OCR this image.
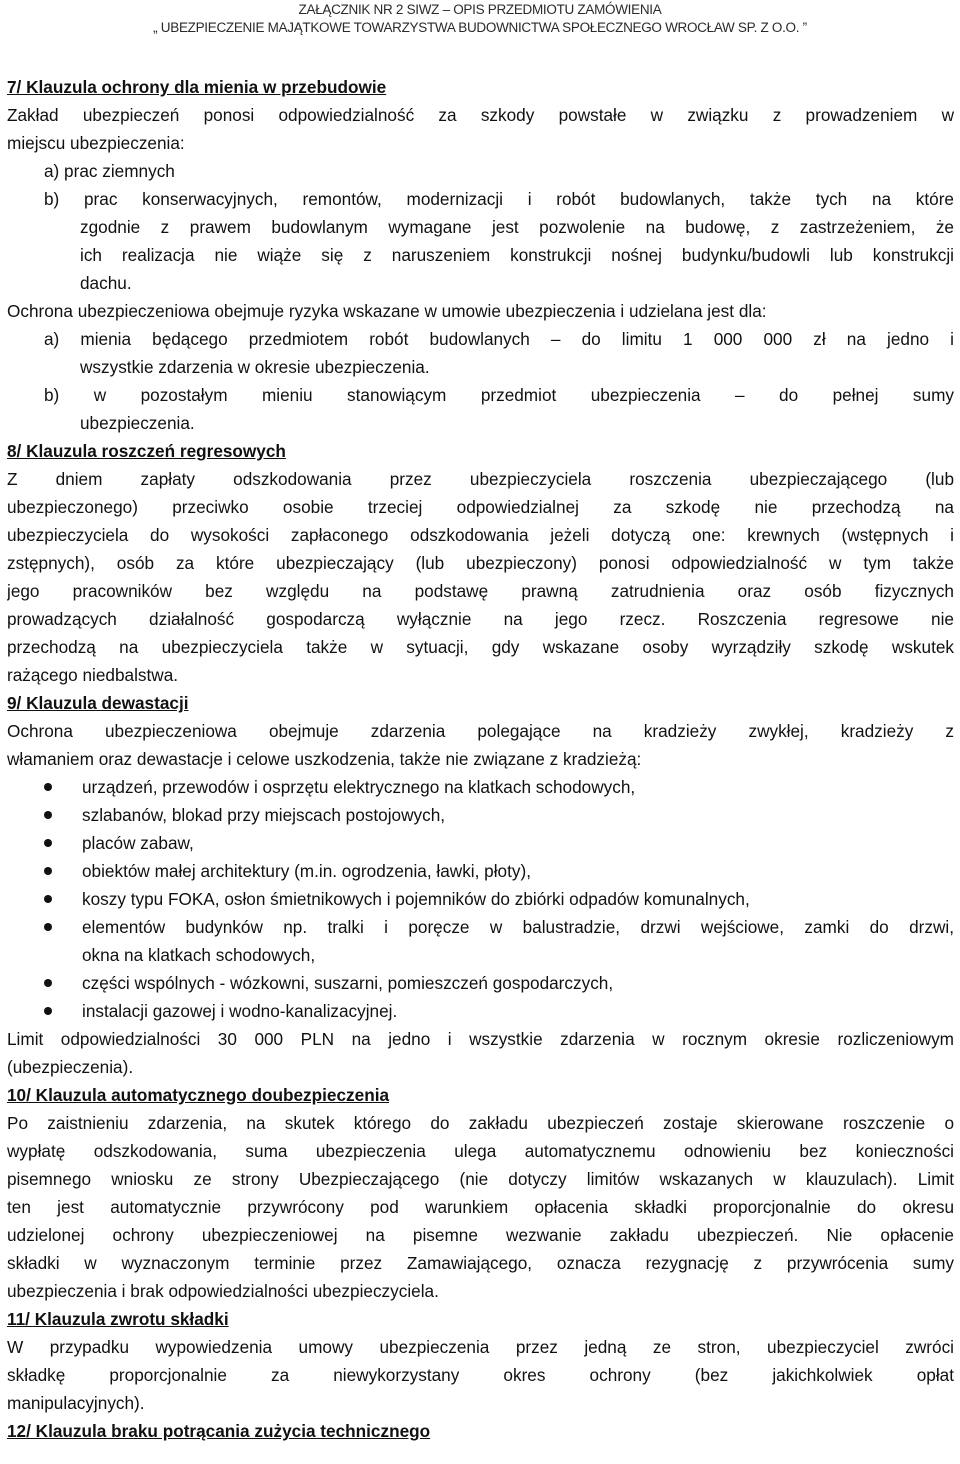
ZAŁĄCZNIK NR 2 SIWZ – OPIS PRZEDMIOTU ZAMÓWIENIA
„ UBEZPIECZENIE MAJĄTKOWE TOWARZYSTWA BUDOWNICTWA SPOŁECZNEGO WROCŁAW SP. Z O.O. ”
7/ Klauzula ochrony dla mienia w przebudowie
Zakład ubezpieczeń ponosi odpowiedzialność za szkody powstałe w związku z prowadzeniem w
miejscu ubezpieczenia:
a) prac ziemnych
b) prac konserwacyjnych, remontów, modernizacji i robót budowlanych, także tych na które
zgodnie z prawem budowlanym wymagane jest pozwolenie na budowę, z zastrzeżeniem, że
ich realizacja nie wiąże się z naruszeniem konstrukcji nośnej budynku/budowli lub konstrukcji
dachu.
Ochrona ubezpieczeniowa obejmuje ryzyka wskazane w umowie ubezpieczenia i udzielana jest dla:
a) mienia będącego przedmiotem robót budowlanych – do limitu 1 000 000 zł na jedno i
wszystkie zdarzenia w okresie ubezpieczenia.
b) w pozostałym mieniu stanowiącym przedmiot ubezpieczenia – do pełnej sumy
ubezpieczenia.
8/ Klauzula roszczeń regresowych
Z dniem zapłaty odszkodowania przez ubezpieczyciela roszczenia ubezpieczającego (lub
ubezpieczonego) przeciwko osobie trzeciej odpowiedzialnej za szkodę nie przechodzą na
ubezpieczyciela do wysokości zapłaconego odszkodowania jeżeli dotyczą one: krewnych (wstępnych i
zstępnych), osób za które ubezpieczający (lub ubezpieczony) ponosi odpowiedzialność w tym także
jego pracowników bez względu na podstawę prawną zatrudnienia oraz osób fizycznych
prowadzących działalność gospodarczą wyłącznie na jego rzecz. Roszczenia regresowe nie
przechodzą na ubezpieczyciela także w sytuacji, gdy wskazane osoby wyrządziły szkodę wskutek
rażącego niedbalstwa.
9/ Klauzula dewastacji
Ochrona ubezpieczeniowa obejmuje zdarzenia polegające na kradzieży zwykłej, kradzieży z
włamaniem oraz dewastacje i celowe uszkodzenia, także nie związane z kradzieżą:
urządzeń, przewodów i osprzętu elektrycznego na klatkach schodowych,
szlabanów, blokad przy miejscach postojowych,
placów zabaw,
obiektów małej architektury (m.in. ogrodzenia, ławki, płoty),
koszy typu FOKA, osłon śmietnikowych i pojemników do zbiórki odpadów komunalnych,
elementów budynków np. tralki i poręcze w balustradzie, drzwi wejściowe, zamki do drzwi,
okna na klatkach schodowych,
części wspólnych - wózkowni, suszarni, pomieszczeń gospodarczych,
instalacji gazowej i wodno-kanalizacyjnej.
Limit odpowiedzialności 30 000 PLN na jedno i wszystkie zdarzenia w rocznym okresie rozliczeniowym
(ubezpieczenia).
10/ Klauzula automatycznego doubezpieczenia
Po zaistnieniu zdarzenia, na skutek którego do zakładu ubezpieczeń zostaje skierowane roszczenie o
wypłatę odszkodowania, suma ubezpieczenia ulega automatycznemu odnowieniu bez konieczności
pisemnego wniosku ze strony Ubezpieczającego (nie dotyczy limitów wskazanych w klauzulach). Limit
ten jest automatycznie przywrócony pod warunkiem opłacenia składki proporcjonalnie do okresu
udzielonej ochrony ubezpieczeniowej na pisemne wezwanie zakładu ubezpieczeń. Nie opłacenie
składki w wyznaczonym terminie przez Zamawiającego, oznacza rezygnację z przywrócenia sumy
ubezpieczenia i brak odpowiedzialności ubezpieczyciela.
11/ Klauzula zwrotu składki
W przypadku wypowiedzenia umowy ubezpieczenia przez jedną ze stron, ubezpieczyciel zwróci
składkę proporcjonalnie za niewykorzystany okres ochrony (bez jakichkolwiek opłat
manipulacyjnych).
12/ Klauzula braku potrącania zużycia technicznego
